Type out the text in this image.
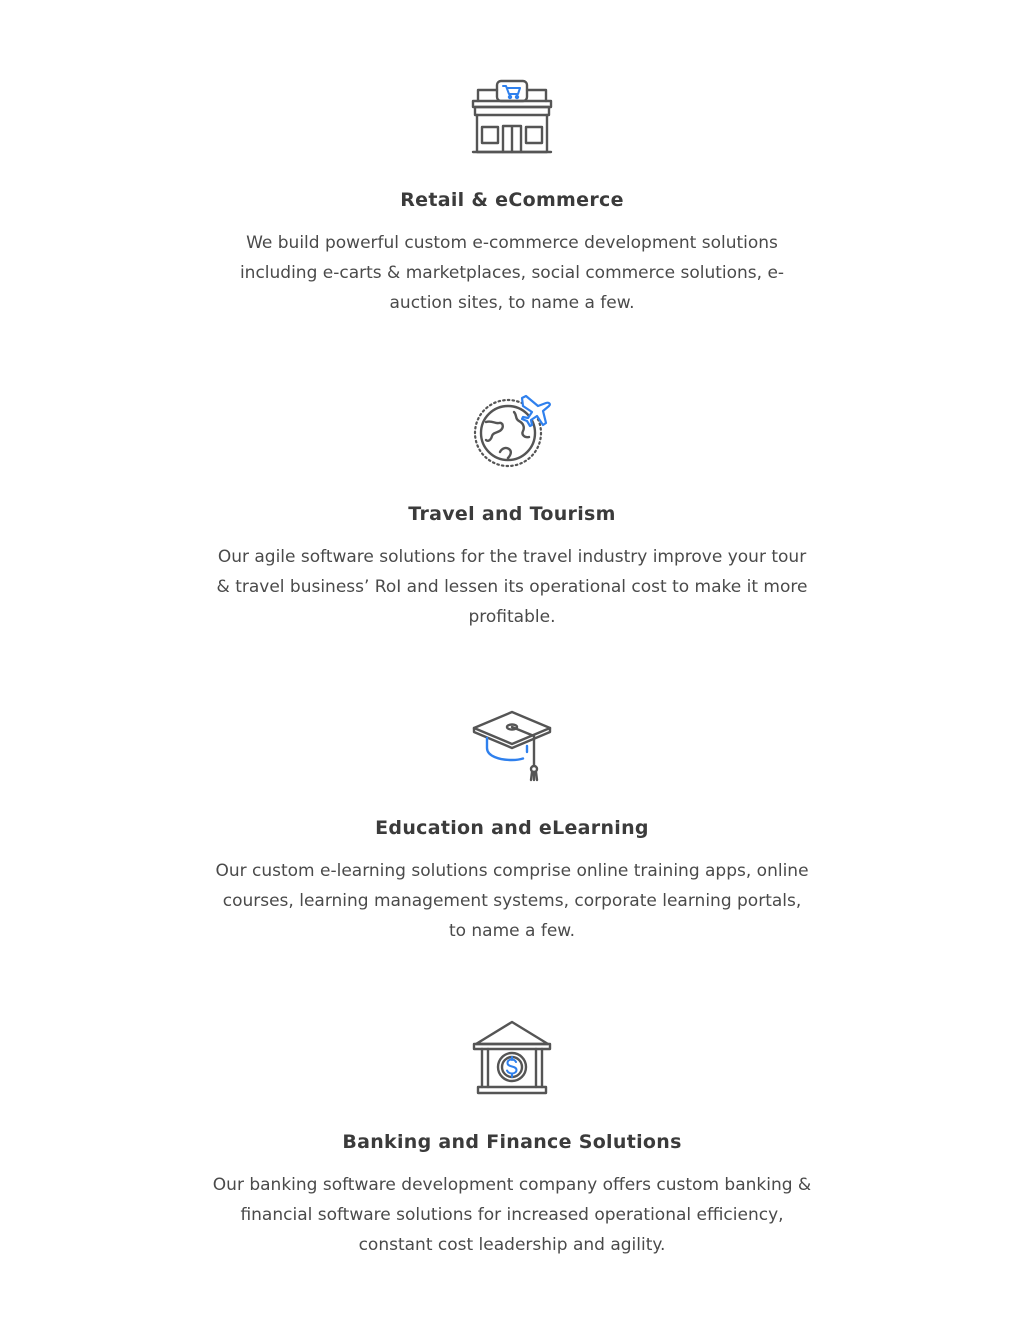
Retail & eCommerce

We build powerful custom e-commerce development solutions including e-carts & marketplaces, social commerce solutions, e-auction sites, to name a few.

Travel and Tourism

Our agile software solutions for the travel industry improve your tour & travel business’ RoI and lessen its operational cost to make it more profitable.

Education and eLearning

Our custom e-learning solutions comprise online training apps, online courses, learning management systems, corporate learning portals, to name a few.

Banking and Finance Solutions

Our banking software development company offers custom banking & financial software solutions for increased operational efficiency, constant cost leadership and agility.
